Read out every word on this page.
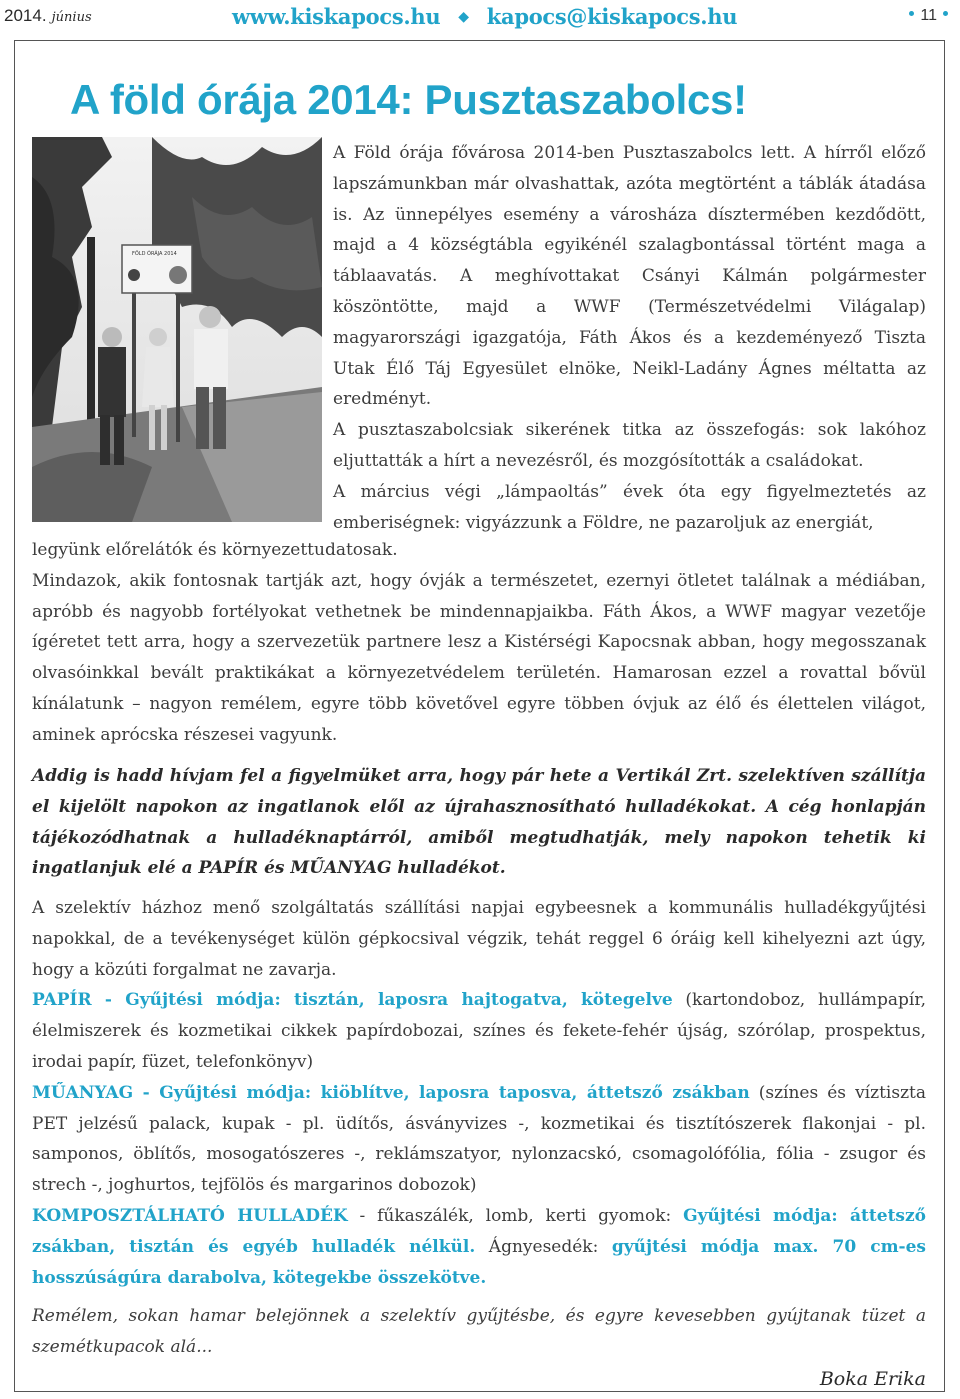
2014. június	www.kiskapocs.hu ◆ kapocs@kiskapocs.hu	11
A föld órája 2014: Pusztaszabolcs!
FÖLD ÓRÁJA 2014

A Föld órája fővárosa 2014-ben Pusztaszabolcs lett. A hírről előző lapszámunkban már olvashattak, azóta megtörtént a táblák átadása is. Az ünnepélyes esemény a városháza dísztermében kezdődött, majd a 4 községtábla egyikénél szalagbontással történt maga a táblaavatás. A meghívottakat Csányi Kálmán polgármester köszöntötte, majd a WWF (Természetvédelmi Világalap) magyarországi igazgatója, Fáth Ákos és a kezdeményező Tiszta Utak Élő Táj Egyesület elnöke, Neikl-Ladány Ágnes méltatta az eredményt.

A pusztaszabolcsiak sikerének titka az összefogás: sok lakóhoz eljuttatták a hírt a nevezésről, és mozgósították a családokat.

A március végi „lámpaoltás” évek óta egy figyelmeztetés az emberiségnek: vigyázzunk a Földre, ne pazaroljuk az energiát,

legyünk előrelátók és környezettudatosak.

Mindazok, akik fontosnak tartják azt, hogy óvják a természetet, ezernyi ötletet találnak a médiában, apróbb és nagyobb fortélyokat vethetnek be mindennapjaikba. Fáth Ákos, a WWF magyar vezetője ígéretet tett arra, hogy a szervezetük partnere lesz a Kistérségi Kapocsnak abban, hogy megosszanak olvasóinkkal bevált praktikákat a környezetvédelem területén. Hamarosan ezzel a rovattal bővül kínálatunk – nagyon remélem, egyre több követővel egyre többen óvjuk az élő és élettelen világot, aminek aprócska részesei vagyunk.

Addig is hadd hívjam fel a figyelmüket arra, hogy pár hete a Vertikál Zrt. szelektíven szállítja el kijelölt napokon az ingatlanok elől az újrahasznosítható hulladékokat. A cég honlapján tájékozódhatnak a hulladéknaptárról, amiből megtudhatják, mely napokon tehetik ki ingatlanjuk elé a PAPÍR és MŰANYAG hulladékot.

A szelektív házhoz menő szolgáltatás szállítási napjai egybeesnek a kommunális hulladékgyűjtési napokkal, de a tevékenységet külön gépkocsival végzik, tehát reggel 6 óráig kell kihelyezni azt úgy, hogy a közúti forgalmat ne zavarja.

PAPÍR - Gyűjtési módja: tisztán, laposra hajtogatva, kötegelve (kartondoboz, hullámpapír, élelmiszerek és kozmetikai cikkek papírdobozai, színes és fekete-fehér újság, szórólap, prospektus, irodai papír, füzet, telefonkönyv)

MŰANYAG - Gyűjtési módja: kiöblítve, laposra taposva, áttetsző zsákban (színes és víztiszta PET jelzésű palack, kupak - pl. üdítős, ásványvizes -, kozmetikai és tisztítószerek flakonjai - pl. samponos, öblítős, mosogatószeres -, reklámszatyor, nylonzacskó, csomagolófólia, fólia - zsugor és strech -, joghurtos, tejfölös és margarinos dobozok)

KOMPOSZTÁLHATÓ HULLADÉK - fűkaszálék, lomb, kerti gyomok: Gyűjtési módja: áttetsző zsákban, tisztán és egyéb hulladék nélkül. Ágnyesedék: gyűjtési módja max. 70 cm-es hosszúságúra darabolva, kötegekbe összekötve.

Remélem, sokan hamar belejönnek a szelektív gyűjtésbe, és egyre kevesebben gyújtanak tüzet a szemétkupacok alá...

Boka Erika
